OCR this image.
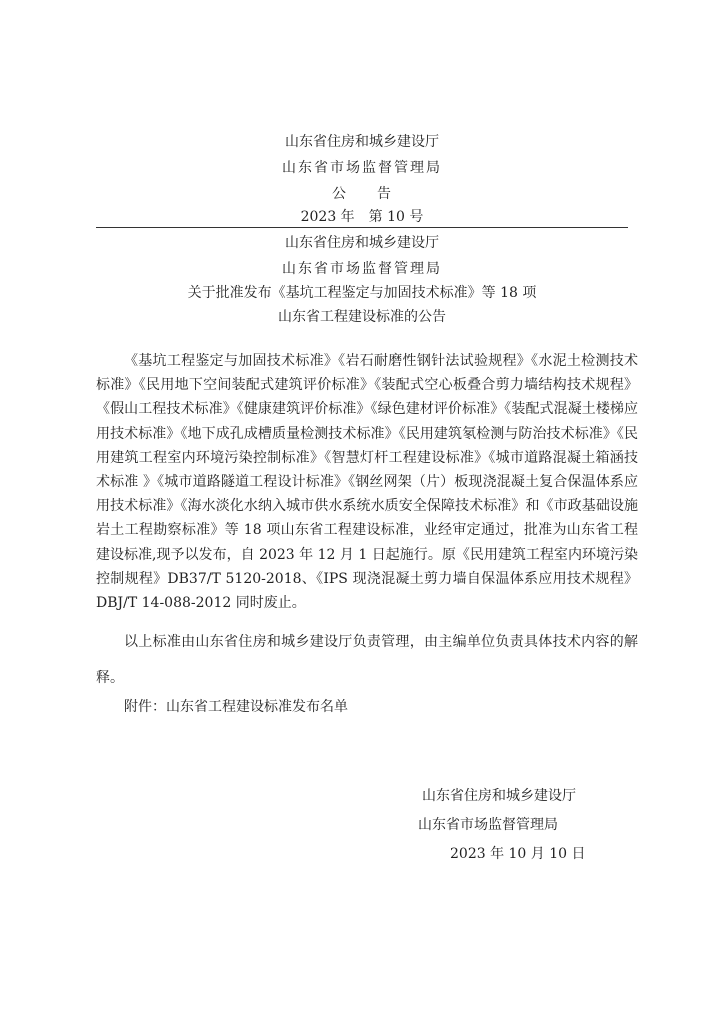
山东省住房和城乡建设厅
山东省市场监督管理局
公　　告
2023 年　第 10 号
山东省住房和城乡建设厅
山东省市场监督管理局
关于批准发布《基坑工程鉴定与加固技术标准》等 18 项
山东省工程建设标准的公告
《基坑工程鉴定与加固技术标准》《岩石耐磨性钢针法试验规程》《水泥土检测技术标准》《民用地下空间装配式建筑评价标准》《装配式空心板叠合剪力墙结构技术规程》《假山工程技术标准》《健康建筑评价标准》《绿色建材评价标准》《装配式混凝土楼梯应用技术标准》《地下成孔成槽质量检测技术标准》《民用建筑氡检测与防治技术标准》《民用建筑工程室内环境污染控制标准》《智慧灯杆工程建设标准》《城市道路混凝土箱涵技术标准 》《城市道路隧道工程设计标准》《钢丝网架（片）板现浇混凝土复合保温体系应用技术标准》《海水淡化水纳入城市供水系统水质安全保障技术标准》和《市政基础设施岩土工程勘察标准》等 18 项山东省工程建设标准，业经审定通过，批准为山东省工程建设标准,现予以发布，自 2023 年 12 月 1 日起施行。原《民用建筑工程室内环境污染控制规程》DB37/T 5120-2018、《IPS 现浇混凝土剪力墙自保温体系应用技术规程》DBJ/T 14-088-2012 同时废止。
以上标准由山东省住房和城乡建设厅负责管理，由主编单位负责具体技术内容的解释。
附件：山东省工程建设标准发布名单
山东省住房和城乡建设厅
山东省市场监督管理局
2023 年 10 月 10 日
